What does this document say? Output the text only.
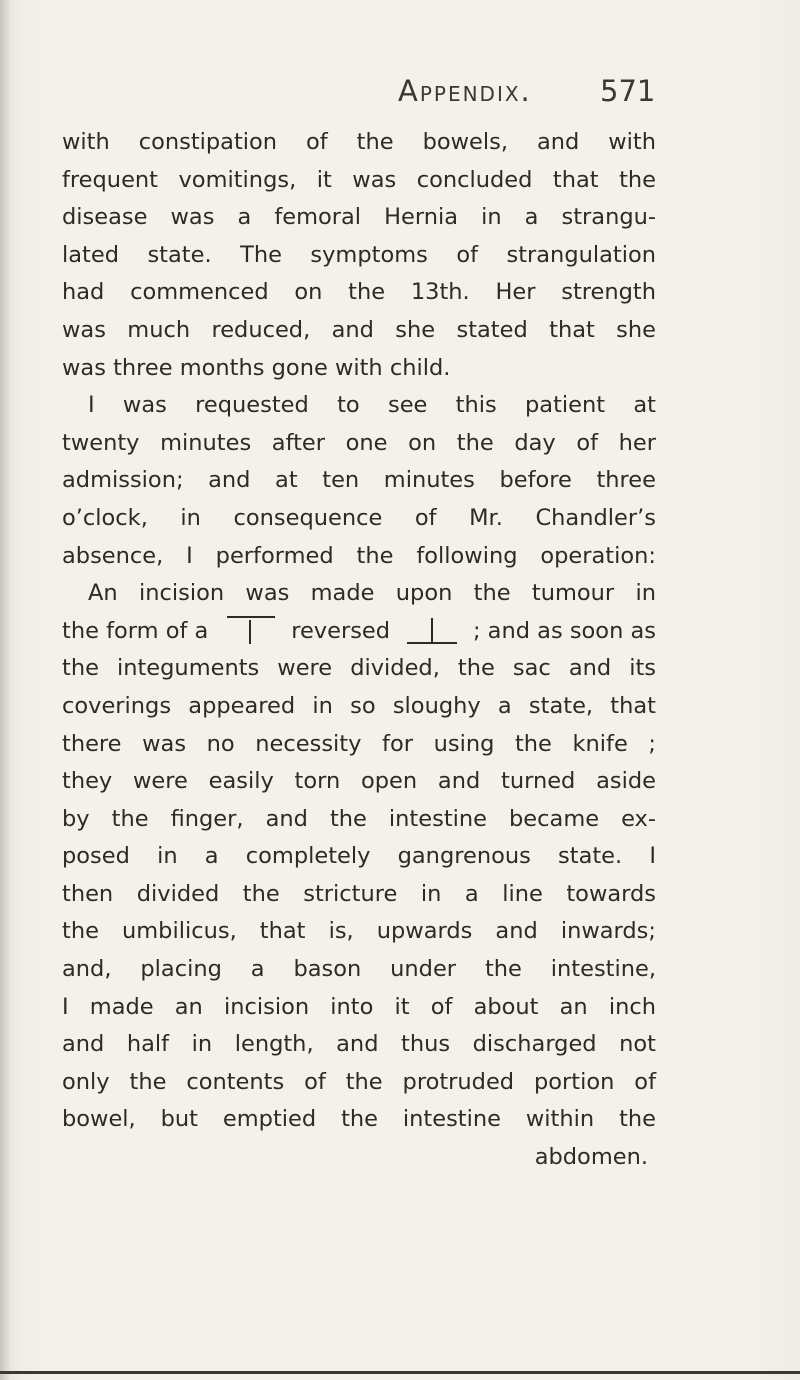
Appendix. 571
with constipation of the bowels, and with
frequent vomitings, it was concluded that the
disease was a femoral Hernia in a strangu-
lated state. The symptoms of strangulation
had commenced on the 13th. Her strength
was much reduced, and she stated that she
was three months gone with child.
I was requested to see this patient at
twenty minutes after one on the day of her
admission; and at ten minutes before three
o’clock, in consequence of Mr. Chandler’s
absence, I performed the following operation:
An incision was made upon the tumour in
the form of a	reversed	; and as soon as
the integuments were divided, the sac and its
coverings appeared in so sloughy a state, that
there was no necessity for using the knife ;
they were easily torn open and turned aside
by the finger, and the intestine became ex-
posed in a completely gangrenous state. I
then divided the stricture in a line towards
the umbilicus, that is, upwards and inwards;
and, placing a bason under the intestine,
I made an incision into it of about an inch
and half in length, and thus discharged not
only the contents of the protruded portion of
bowel, but emptied the intestine within the
abdomen.
